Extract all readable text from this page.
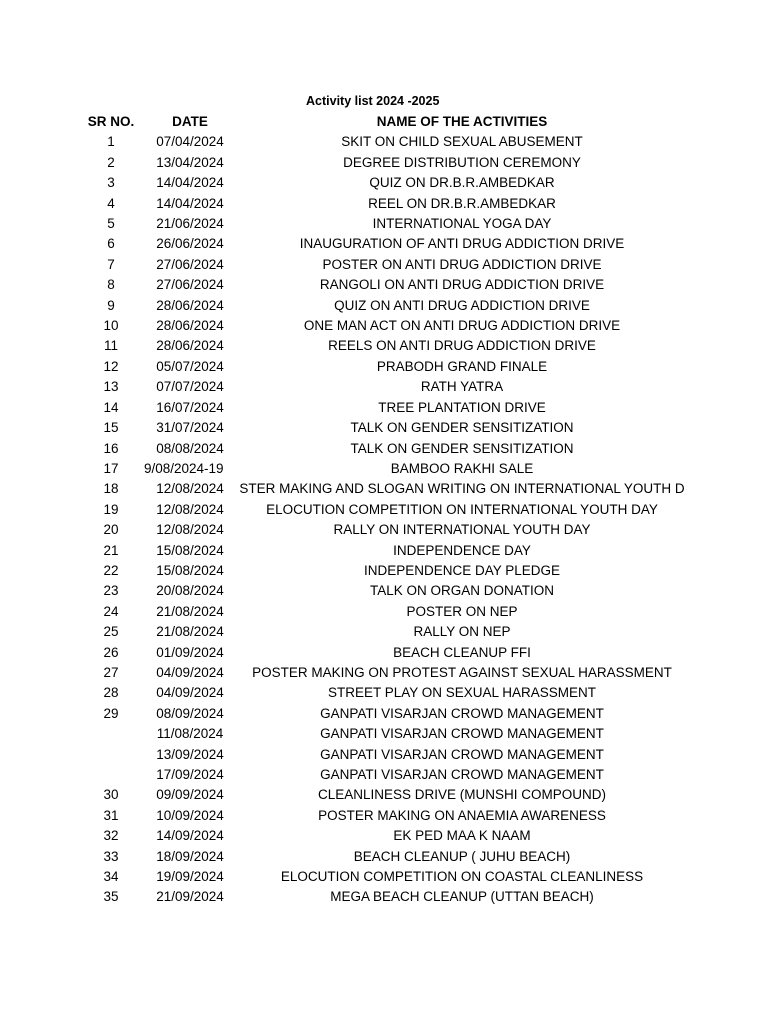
Activity list 2024 -2025
SR NO.	DATE	NAME OF THE ACTIVITIES
1	07/04/2024	SKIT ON CHILD SEXUAL ABUSEMENT
2	13/04/2024	DEGREE DISTRIBUTION CEREMONY
3	14/04/2024	QUIZ ON DR.B.R.AMBEDKAR
4	14/04/2024	REEL ON DR.B.R.AMBEDKAR
5	21/06/2024	INTERNATIONAL YOGA DAY
6	26/06/2024	INAUGURATION OF ANTI DRUG ADDICTION DRIVE
7	27/06/2024	POSTER ON ANTI DRUG ADDICTION DRIVE
8	27/06/2024	RANGOLI ON ANTI DRUG ADDICTION DRIVE
9	28/06/2024	QUIZ ON ANTI DRUG ADDICTION DRIVE
10	28/06/2024	ONE MAN ACT ON ANTI DRUG ADDICTION DRIVE
11	28/06/2024	REELS ON ANTI DRUG ADDICTION DRIVE
12	05/07/2024	PRABODH GRAND FINALE
13	07/07/2024	RATH YATRA
14	16/07/2024	TREE PLANTATION DRIVE
15	31/07/2024	TALK ON GENDER SENSITIZATION
16	08/08/2024	TALK ON GENDER SENSITIZATION
17	9/08/2024-19	BAMBOO RAKHI SALE
18	12/08/2024	STER MAKING AND SLOGAN WRITING ON INTERNATIONAL YOUTH D
19	12/08/2024	ELOCUTION COMPETITION ON INTERNATIONAL YOUTH DAY
20	12/08/2024	RALLY ON INTERNATIONAL YOUTH DAY
21	15/08/2024	INDEPENDENCE DAY
22	15/08/2024	INDEPENDENCE DAY PLEDGE
23	20/08/2024	TALK ON ORGAN DONATION
24	21/08/2024	POSTER ON NEP
25	21/08/2024	RALLY ON NEP
26	01/09/2024	BEACH CLEANUP FFI
27	04/09/2024	POSTER MAKING ON PROTEST AGAINST SEXUAL HARASSMENT
28	04/09/2024	STREET PLAY ON SEXUAL HARASSMENT
29	08/09/2024	GANPATI VISARJAN CROWD MANAGEMENT
	11/08/2024	GANPATI VISARJAN CROWD MANAGEMENT
	13/09/2024	GANPATI VISARJAN CROWD MANAGEMENT
	17/09/2024	GANPATI VISARJAN CROWD MANAGEMENT
30	09/09/2024	CLEANLINESS DRIVE (MUNSHI COMPOUND)
31	10/09/2024	POSTER MAKING ON ANAEMIA AWARENESS
32	14/09/2024	EK PED MAA K NAAM
33	18/09/2024	BEACH CLEANUP ( JUHU BEACH)
34	19/09/2024	ELOCUTION COMPETITION ON COASTAL CLEANLINESS
35	21/09/2024	MEGA BEACH CLEANUP (UTTAN BEACH)
